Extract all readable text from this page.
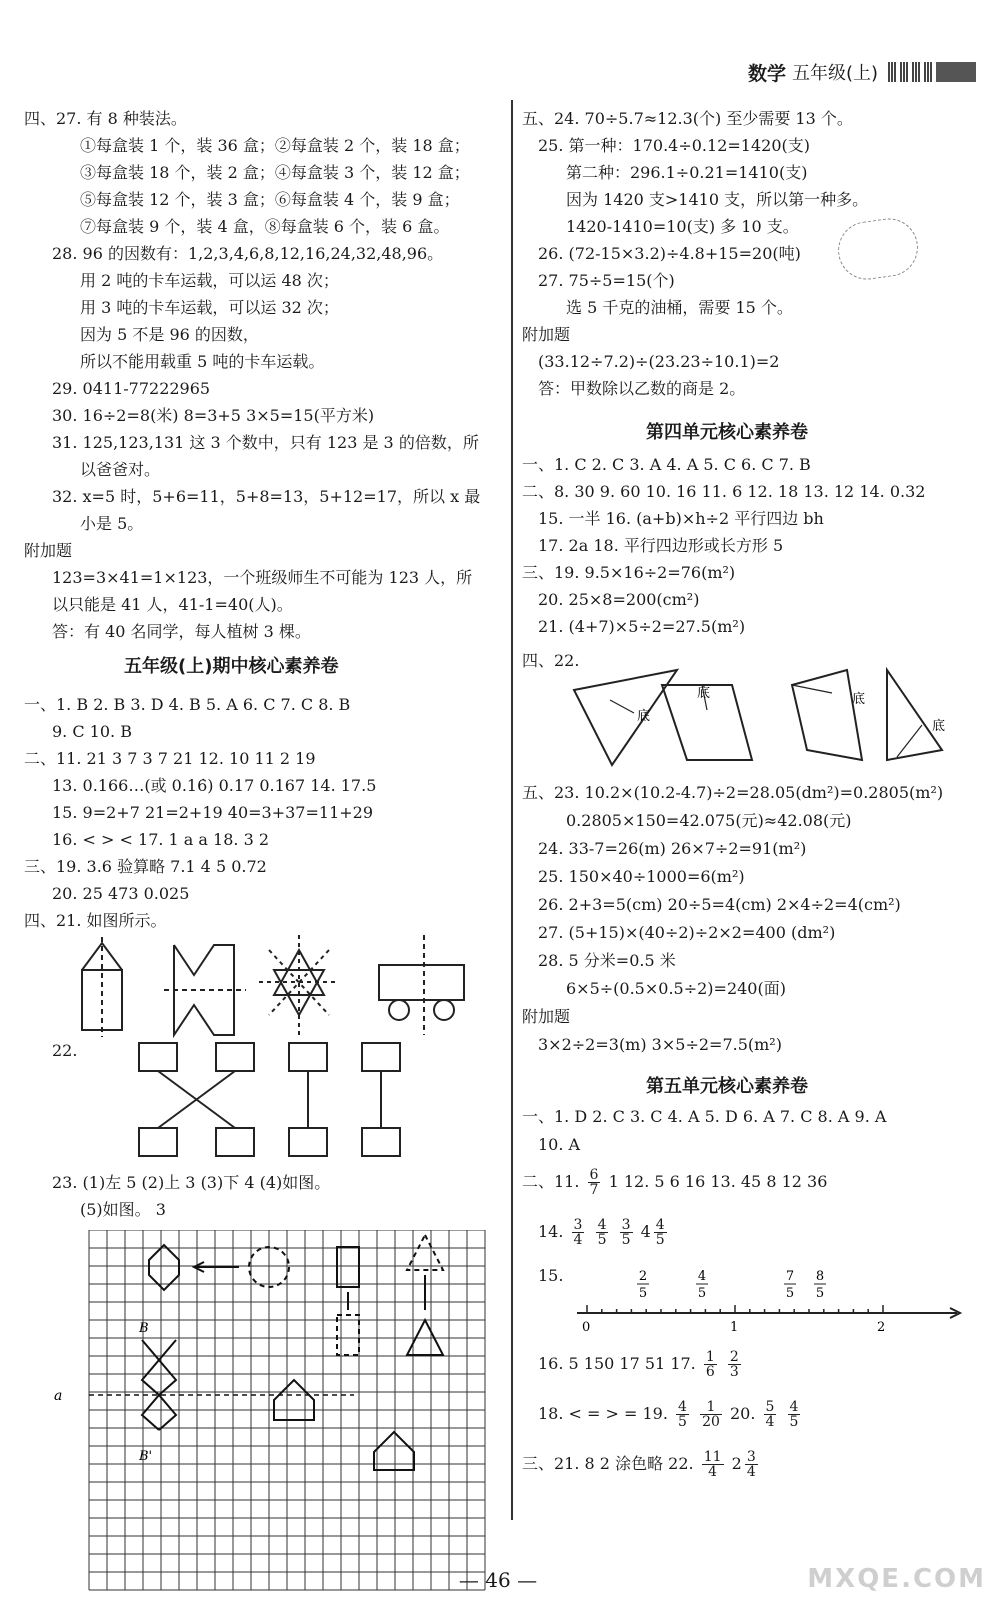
数学 五年级(上)
五年级(上)期中核心素养卷
B
B'
a
四、27. 有 8 种装法。
①每盒装 1 个，装 36 盒；②每盒装 2 个，装 18 盒；
③每盒装 18 个，装 2 盒；④每盒装 3 个，装 12 盒；
⑤每盒装 12 个，装 3 盒；⑥每盒装 4 个，装 9 盒；
⑦每盒装 9 个，装 4 盒，⑧每盒装 6 个，装 6 盒。
28. 96 的因数有：1,2,3,4,6,8,12,16,24,32,48,96。
用 2 吨的卡车运载，可以运 48 次；
用 3 吨的卡车运载，可以运 32 次；
因为 5 不是 96 的因数，
所以不能用载重 5 吨的卡车运载。
29. 0411-77222965
30. 16÷2=8(米) 8=3+5 3×5=15(平方米)
31. 125,123,131 这 3 个数中，只有 123 是 3 的倍数，所
以爸爸对。
32. x=5 时，5+6=11，5+8=13，5+12=17，所以 x 最
小是 5。
附加题
123=3×41=1×123，一个班级师生不可能为 123 人，所
以只能是 41 人，41-1=40(人)。
答：有 40 名同学，每人植树 3 棵。
一、1. B 2. B 3. D 4. B 5. A 6. C 7. C 8. B
9. C 10. B
二、11. 21 3 7 3 7 21 12. 10 11 2 19
13. 0.166…(或 0.16̇) 0.17 0.167 14. 17.5
15. 9=2+7 21=2+19 40=3+37=11+29
16. < > < 17. 1 a a 18. 3 2
三、19. 3.6 验算略 7.1 4̇ 5̇ 0.72
20. 25 473 0.025
四、21. 如图所示。
22.
23. (1)左 5 (2)上 3 (3)下 4 (4)如图。
(5)如图。 3
第四单元核心素养卷
第五单元核心素养卷
底
底	底
底
二、11. $\frac{6}{7} 1$ 12. 5 6 16 13. 45 8 12 36
14. $\frac{3}{4}$
$\frac{4}{5}$
$\frac{3}{5} 4 \frac{4}{5}$
15.
0	1	2
2
5
4
5
7
5
8
5
16. 5 150 17 51 17. $\frac{1}{6}$
$\frac{2}{3}$
18. < = > = 19. $\frac{4}{5}$
$\frac{1}{20} 20$. $\frac{5}{4}$
$\frac{4}{5}$
三、21. 8 2 涂色略 22. $\frac{11}{4} 2 \frac{3}{4}$
五、24. 70÷5.7≈12.3(个) 至少需要 13 个。
25. 第一种：170.4÷0.12=1420(支)
第二种：296.1÷0.21=1410(支)
因为 1420 支>1410 支，所以第一种多。
1420-1410=10(支) 多 10 支。
26. (72-15×3.2)÷4.8+15=20(吨)
27. 75÷5=15(个)
选 5 千克的油桶，需要 15 个。
附加题
(33.12÷7.2)÷(23.23÷10.1)=2
答：甲数除以乙数的商是 2。
一、1. C 2. C 3. A 4. A 5. C 6. C 7. B
二、8. 30 9. 60 10. 16 11. 6 12. 18 13. 12 14. 0.32
15. 一半 16. (a+b)×h÷2 平行四边 bh
17. 2a 18. 平行四边形或长方形 5
三、19. 9.5×16÷2=76(m²)
20. 25×8=200(cm²)
21. (4+7)×5÷2=27.5(m²)
四、22.
五、23. 10.2×(10.2-4.7)÷2=28.05(dm²)=0.2805(m²)
0.2805×150=42.075(元)≈42.08(元)
24. 33-7=26(m) 26×7÷2=91(m²)
25. 150×40÷1000=6(m²)
26. 2+3=5(cm) 20÷5=4(cm) 2×4÷2=4(cm²)
27. (5+15)×(40÷2)÷2×2=400 (dm²)
28. 5 分米=0.5 米
6×5÷(0.5×0.5÷2)=240(面)
附加题
3×2÷2=3(m) 3×5÷2=7.5(m²)
一、1. D 2. C 3. C 4. A 5. D 6. A 7. C 8. A 9. A
10. A
— 46 —	MXQE.COM
